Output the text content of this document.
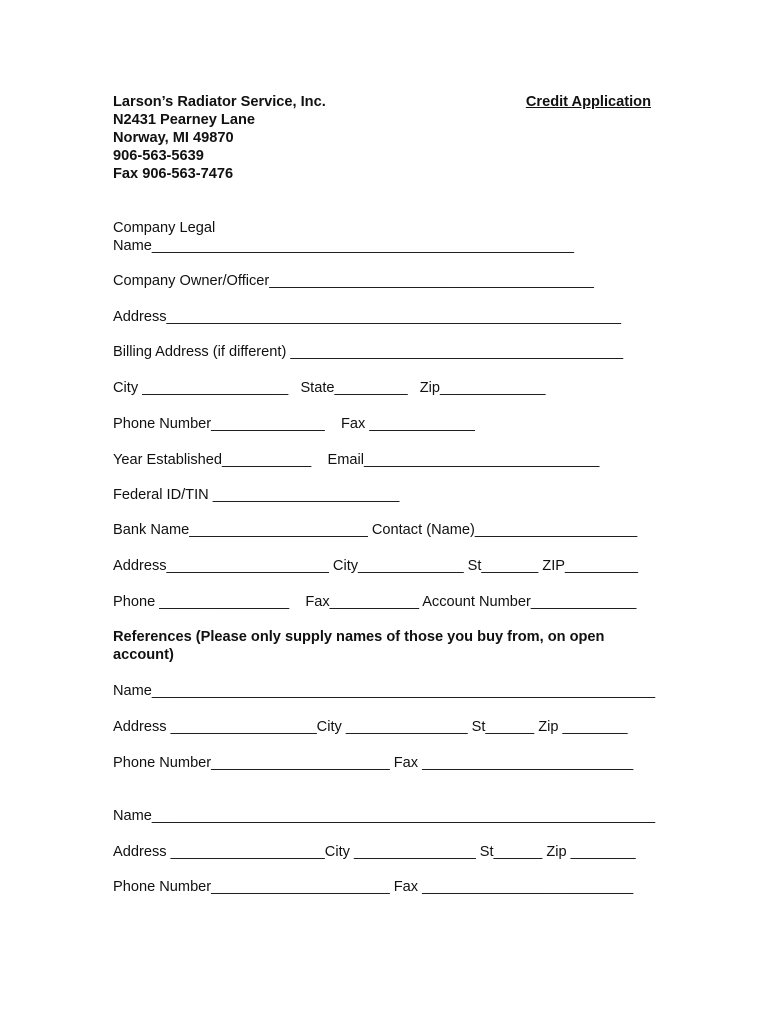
Larson’s Radiator Service, Inc.
N2431 Pearney Lane
Norway, MI 49870
906-563-5639
Fax 906-563-7476
Credit Application
Company Legal
Name____________________________________________________
Company Owner/Officer________________________________________
Address________________________________________________________
Billing Address (if different) _________________________________________
City __________________   State_________   Zip_____________
Phone Number______________    Fax _____________
Year Established___________    Email_____________________________
Federal ID/TIN _______________________
Bank Name______________________ Contact (Name)____________________
Address____________________ City_____________ St_______ ZIP_________
Phone ________________    Fax___________ Account Number_____________
References (Please only supply names of those you buy from, on open account)
Name______________________________________________________________
Address __________________City _______________ St______ Zip ________
Phone Number______________________ Fax __________________________
Name______________________________________________________________
Address ___________________City _______________ St______ Zip ________
Phone Number______________________ Fax __________________________
